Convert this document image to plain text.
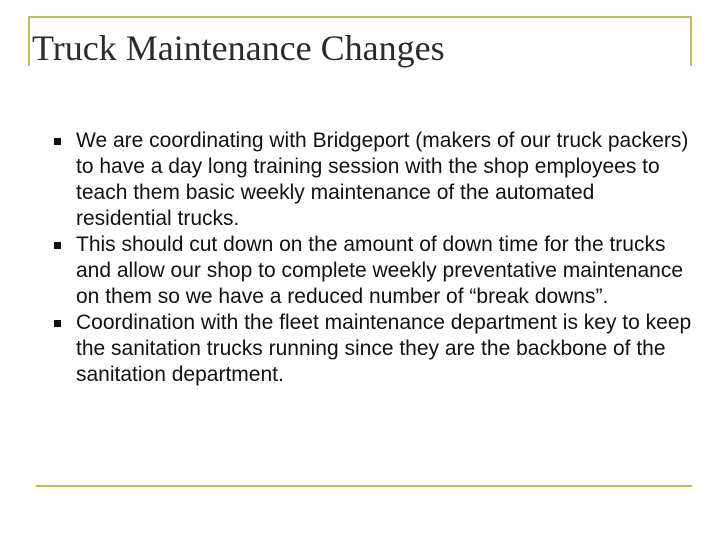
Truck Maintenance Changes
We are coordinating with Bridgeport (makers of our truck packers) to have a day long training session with the shop employees to teach them basic weekly maintenance of the automated residential trucks.
This should cut down on the amount of down time for the trucks and allow our shop to complete weekly preventative maintenance on them so we have a reduced number of “break downs”.
Coordination with the fleet maintenance department is key to keep the sanitation trucks running since they are the backbone of the sanitation department.
